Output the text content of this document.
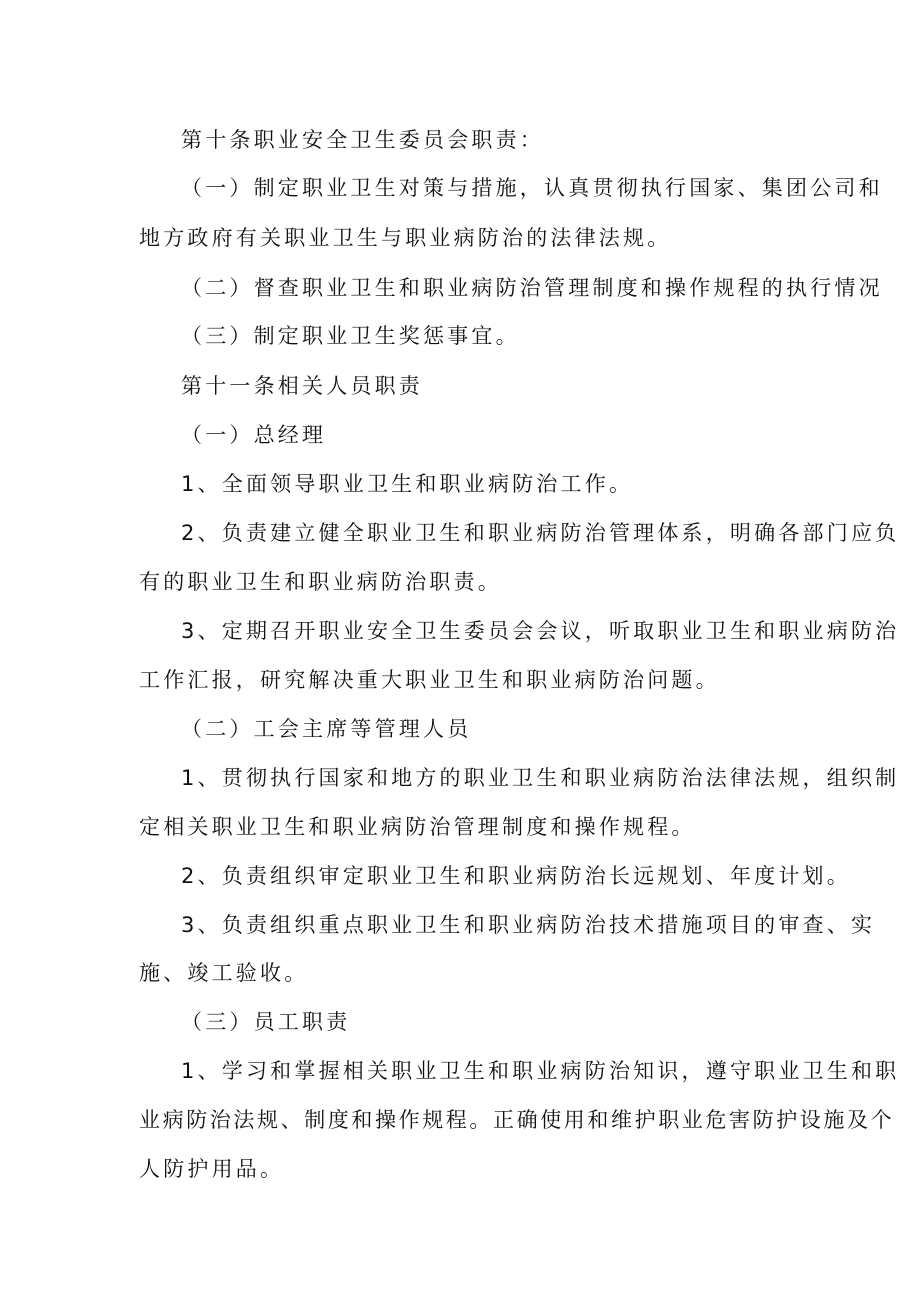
第十条职业安全卫生委员会职责：
（一）制定职业卫生对策与措施，认真贯彻执行国家、集团公司和
地方政府有关职业卫生与职业病防治的法律法规。
（二）督查职业卫生和职业病防治管理制度和操作规程的执行情况
（三）制定职业卫生奖惩事宜。
第十一条相关人员职责
（一）总经理
1、全面领导职业卫生和职业病防治工作。
2、负责建立健全职业卫生和职业病防治管理体系，明确各部门应负
有的职业卫生和职业病防治职责。
3、定期召开职业安全卫生委员会会议，听取职业卫生和职业病防治
工作汇报，研究解决重大职业卫生和职业病防治问题。
（二）工会主席等管理人员
1、贯彻执行国家和地方的职业卫生和职业病防治法律法规，组织制
定相关职业卫生和职业病防治管理制度和操作规程。
2、负责组织审定职业卫生和职业病防治长远规划、年度计划。
3、负责组织重点职业卫生和职业病防治技术措施项目的审查、实
施、竣工验收。
（三）员工职责
1、学习和掌握相关职业卫生和职业病防治知识，遵守职业卫生和职
业病防治法规、制度和操作规程。正确使用和维护职业危害防护设施及个
人防护用品。
